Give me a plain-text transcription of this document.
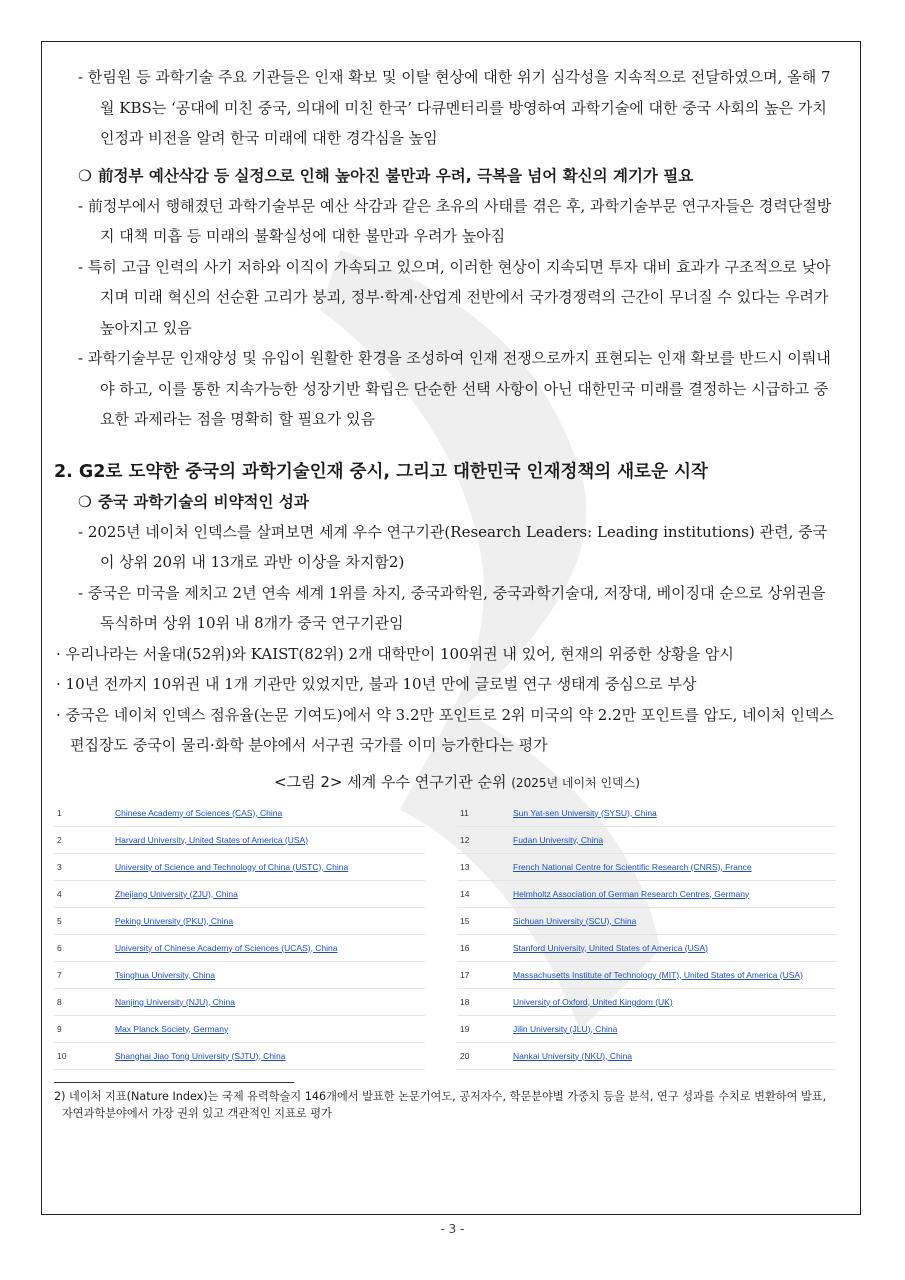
- 한림원 등 과학기술 주요 기관들은 인재 확보 및 이탈 현상에 대한 위기 심각성을 지속적으로 전달하였으며, 올해 7월 KBS는 ‘공대에 미친 중국, 의대에 미친 한국’ 다큐멘터리를 방영하여 과학기술에 대한 중국 사회의 높은 가치인정과 비전을 알려 한국 미래에 대한 경각심을 높임

❍ 前정부 예산삭감 등 실정으로 인해 높아진 불만과 우려, 극복을 넘어 확신의 계기가 필요

- 前정부에서 행해졌던 과학기술부문 예산 삭감과 같은 초유의 사태를 겪은 후, 과학기술부문 연구자들은 경력단절방지 대책 미흡 등 미래의 불확실성에 대한 불만과 우려가 높아짐

- 특히 고급 인력의 사기 저하와 이직이 가속되고 있으며, 이러한 현상이 지속되면 투자 대비 효과가 구조적으로 낮아지며 미래 혁신의 선순환 고리가 붕괴, 정부·학계·산업계 전반에서 국가경쟁력의 근간이 무너질 수 있다는 우려가 높아지고 있음

- 과학기술부문 인재양성 및 유입이 원활한 환경을 조성하여 인재 전쟁으로까지 표현되는 인재 확보를 반드시 이뤄내야 하고, 이를 통한 지속가능한 성장기반 확립은 단순한 선택 사항이 아닌 대한민국 미래를 결정하는 시급하고 중요한 과제라는 점을 명확히 할 필요가 있음

2. G2로 도약한 중국의 과학기술인재 중시, 그리고 대한민국 인재정책의 새로운 시작
❍ 중국 과학기술의 비약적인 성과

- 2025년 네이처 인덱스를 살펴보면 세계 우수 연구기관(Research Leaders: Leading institutions) 관련, 중국이 상위 20위 내 13개로 과반 이상을 차지함2)

- 중국은 미국을 제치고 2년 연속 세계 1위를 차지, 중국과학원, 중국과학기술대, 저장대, 베이징대 순으로 상위권을 독식하며 상위 10위 내 8개가 중국 연구기관임

· 우리나라는 서울대(52위)와 KAIST(82위) 2개 대학만이 100위권 내 있어, 현재의 위중한 상황을 암시

· 10년 전까지 10위권 내 1개 기관만 있었지만, 불과 10년 만에 글로벌 연구 생태계 중심으로 부상

· 중국은 네이처 인덱스 점유율(논문 기여도)에서 약 3.2만 포인트로 2위 미국의 약 2.2만 포인트를 압도, 네이처 인덱스 편집장도 중국이 물리·화학 분야에서 서구권 국가를 이미 능가한다는 평가

<그림 2> 세계 우수 연구기관 순위 (2025년 네이처 인덱스)
1	Chinese Academy of Sciences (CAS), China
2	Harvard University, United States of America (USA)
3	University of Science and Technology of China (USTC), China
4	Zhejiang University (ZJU), China
5	Peking University (PKU), China
6	University of Chinese Academy of Sciences (UCAS), China
7	Tsinghua University, China
8	Nanjing University (NJU), China
9	Max Planck Society, Germany
10	Shanghai Jiao Tong University (SJTU), China
11	Sun Yat-sen University (SYSU), China
12	Fudan University, China
13	French National Centre for Scientific Research (CNRS), France
14	Helmholtz Association of German Research Centres, Germany
15	Sichuan University (SCU), China
16	Stanford University, United States of America (USA)
17	Massachusetts Institute of Technology (MIT), United States of America (USA)
18	University of Oxford, United Kingdom (UK)
19	Jilin University (JLU), China
20	Nankai University (NKU), China

2) 네이처 지표(Nature Index)는 국제 유력학술지 146개에서 발표한 논문기여도, 공저자수, 학문분야별 가중치 등을 분석, 연구 성과를 수치로 변환하여 발표, 자연과학분야에서 가장 권위 있고 객관적인 지표로 평가

- 3 -
